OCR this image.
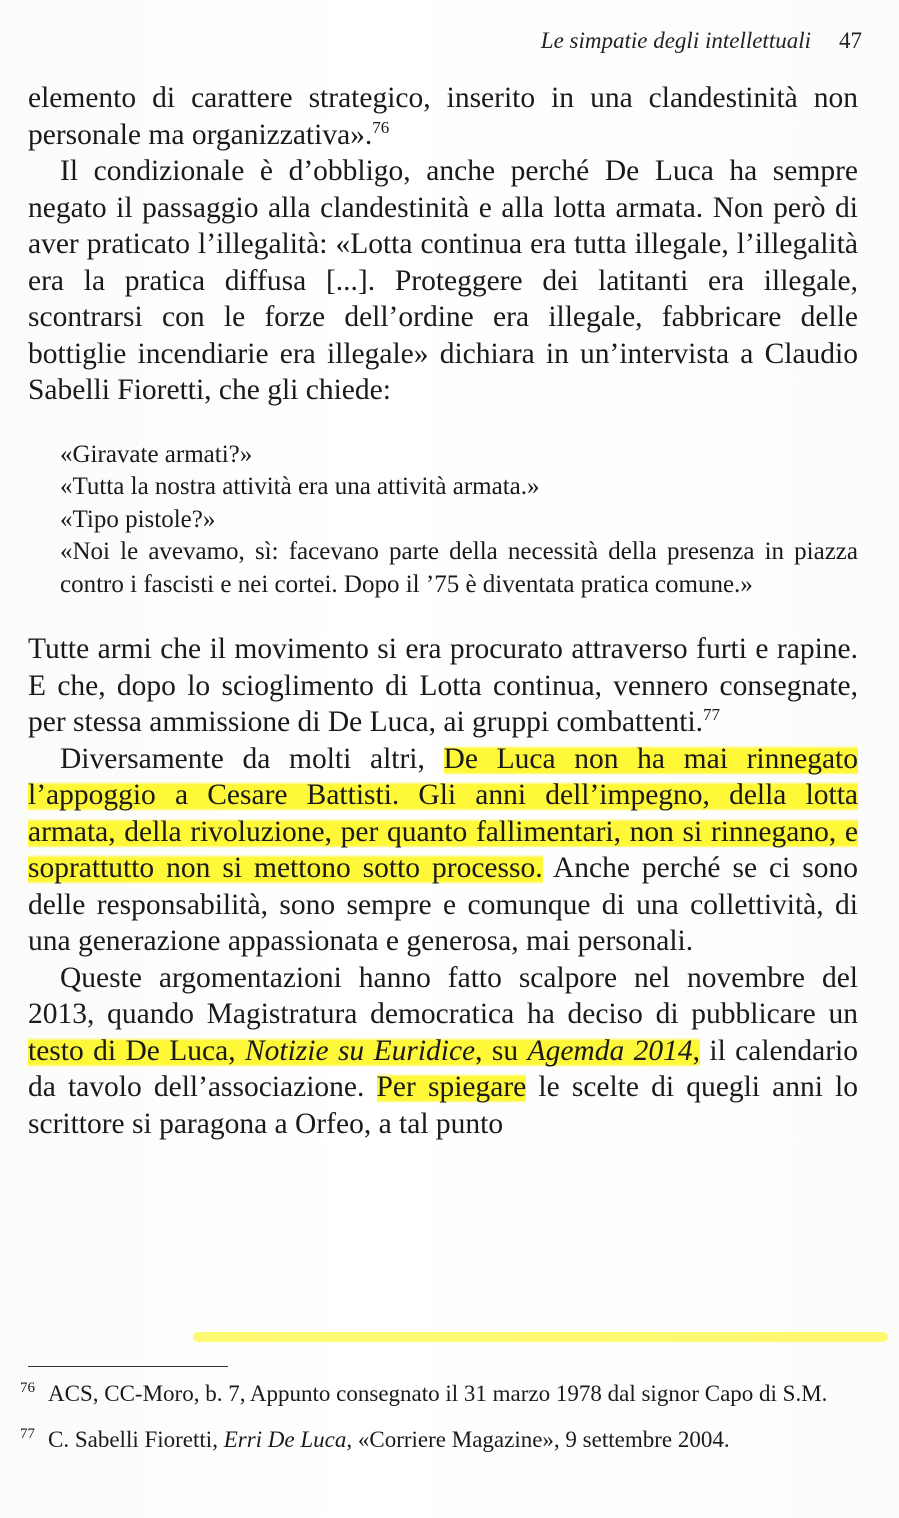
Le simpatie degli intellettuali 47

elemento di carattere strategico, inserito in una clandestinità non personale ma organizzativa».$^{76}$

Il condizionale è d’obbligo, anche perché De Luca ha sempre negato il passaggio alla clandestinità e alla lotta armata. Non però di aver praticato l’illegalità: «Lotta continua era tutta illegale, l’illegalità era la pratica diffusa [...]. Proteggere dei latitanti era illegale, scontrarsi con le forze dell’ordine era illegale, fabbricare delle bottiglie incendiarie era illegale» dichiara in un’intervista a Claudio Sabelli Fioretti, che gli chiede:

«Giravate armati?»

«Tutta la nostra attività era una attività armata.»

«Tipo pistole?»

«Noi le avevamo, sì: facevano parte della necessità della presenza in piazza contro i fascisti e nei cortei. Dopo il ’75 è diventata pratica comune.»

Tutte armi che il movimento si era procurato attraverso furti e rapine. E che, dopo lo scioglimento di Lotta continua, vennero consegnate, per stessa ammissione di De Luca, ai gruppi combattenti.$^{77}$

Diversamente da molti altri, De Luca non ha mai rinnegato l’appoggio a Cesare Battisti. Gli anni dell’impegno, della lotta armata, della rivoluzione, per quanto fallimentari, non si rinnegano, e soprattutto non si mettono sotto processo. Anche perché se ci sono delle responsabilità, sono sempre e comunque di una collettività, di una generazione appassionata e generosa, mai personali.

Queste argomentazioni hanno fatto scalpore nel novembre del 2013, quando Magistratura democratica ha deciso di pubblicare un testo di De Luca, Notizie su Euridice, su Agemda 2014, il calendario da tavolo dell’associazione. Per spiegare le scelte di quegli anni lo scrittore si paragona a Orfeo, a tal punto

76 ACS, CC-Moro, b. 7, Appunto consegnato il 31 marzo 1978 dal signor Capo di S.M.
77 C. Sabelli Fioretti, Erri De Luca, «Corriere Magazine», 9 settembre 2004.
